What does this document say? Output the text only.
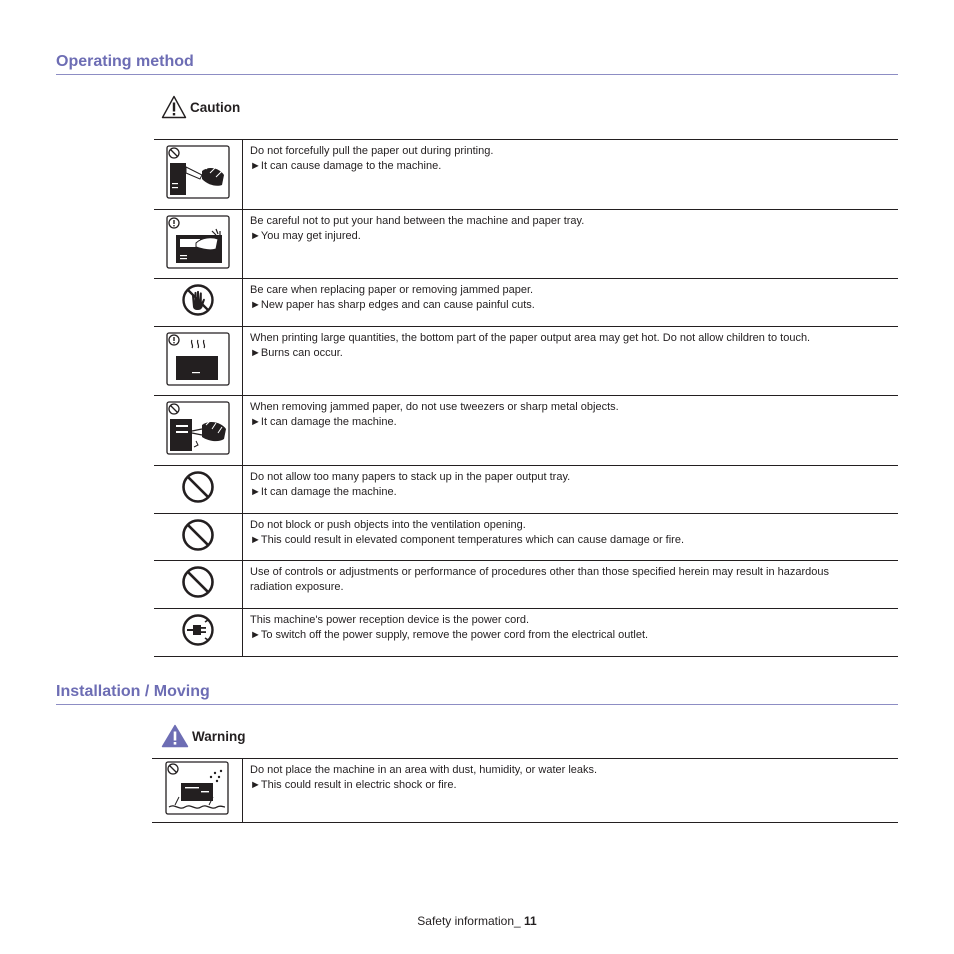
Operating method
Caution

Do not forcefully pull the paper out during printing.
►It can cause damage to the machine.

Be careful not to put your hand between the machine and paper tray.
►You may get injured.

Be care when replacing paper or removing jammed paper.
►New paper has sharp edges and can cause painful cuts.

When printing large quantities, the bottom part of the paper output area may get hot. Do not allow children to touch.
►Burns can occur.

When removing jammed paper, do not use tweezers or sharp metal objects.
►It can damage the machine.

Do not allow too many papers to stack up in the paper output tray.
►It can damage the machine.

Do not block or push objects into the ventilation opening.
►This could result in elevated component temperatures which can cause damage or fire.

Use of controls or adjustments or performance of procedures other than those specified herein may result in hazardous radiation exposure.

This machine's power reception device is the power cord.
►To switch off the power supply, remove the power cord from the electrical outlet.
Installation / Moving
Warning

Do not place the machine in an area with dust, humidity, or water leaks.
►This could result in electric shock or fire.
Safety information_ 11
